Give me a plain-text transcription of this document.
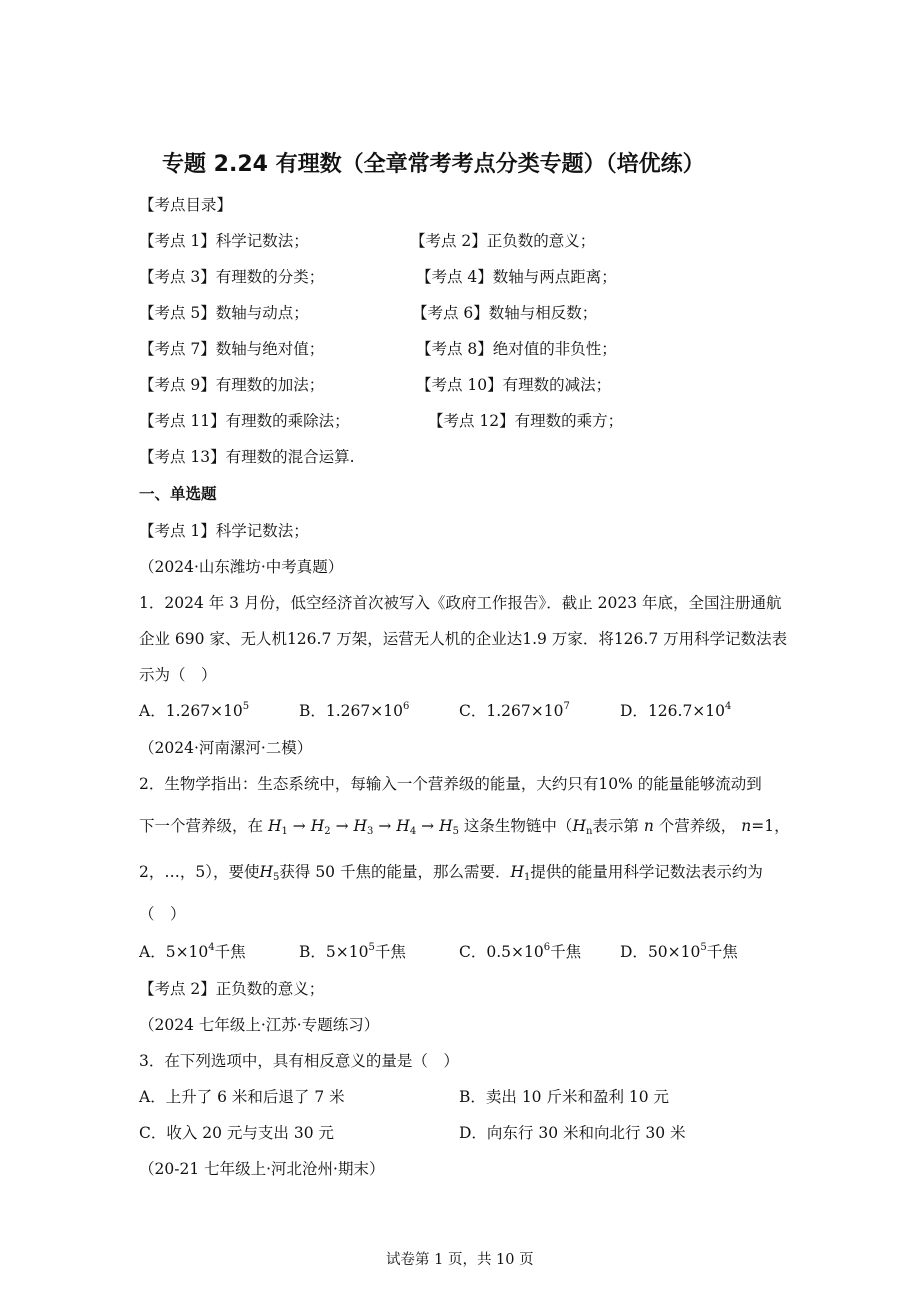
专题 2.24 有理数（全章常考考点分类专题）（培优练）
【考点目录】
【考点 1】科学记数法；	【考点 2】正负数的意义；
【考点 3】有理数的分类；	【考点 4】数轴与两点距离；
【考点 5】数轴与动点；	【考点 6】数轴与相反数；
【考点 7】数轴与绝对值；	【考点 8】绝对值的非负性；
【考点 9】有理数的加法；	【考点 10】有理数的减法；
【考点 11】有理数的乘除法；	【考点 12】有理数的乘方；
【考点 13】有理数的混合运算.
一、单选题
【考点 1】科学记数法；
（2024·山东潍坊·中考真题）
1．2024 年 3 月份，低空经济首次被写入《政府工作报告》．截止 2023 年底，全国注册通航
企业 690 家、无人机126.7 万架，运营无人机的企业达1.9 万家．将126.7 万用科学记数法表
示为（　）
A．$1.267\times 10^5$	B．$1.267\times 10^6$	C．$1.267\times 10^7$	D．$126.7\times 10^4$
（2024·河南漯河·二模）
2．生物学指出：生态系统中，每输入一个营养级的能量，大约只有10% 的能量能够流动到
下一个营养级，在 $H_1 \to H_2 \to H_3 \to H_4 \to H_5$ 这条生物链中（$H_n$表示第 n 个营养级， n=1，
2，…，5），要使$H_5$获得 50 千焦的能量，那么需要．$H_1$提供的能量用科学记数法表示约为
（　）
A．$5\times 10^4$千焦	B．$5\times 10^5$千焦	C．$0.5\times 10^6$千焦	D．$50\times 10^5$千焦
【考点 2】正负数的意义；
（2024 七年级上·江苏·专题练习）
3．在下列选项中，具有相反意义的量是（　）
A．上升了 6 米和后退了 7 米	B．卖出 10 斤米和盈利 10 元
C．收入 20 元与支出 30 元	D．向东行 30 米和向北行 30 米
（20-21 七年级上·河北沧州·期末）
试卷第 1 页，共 10 页
